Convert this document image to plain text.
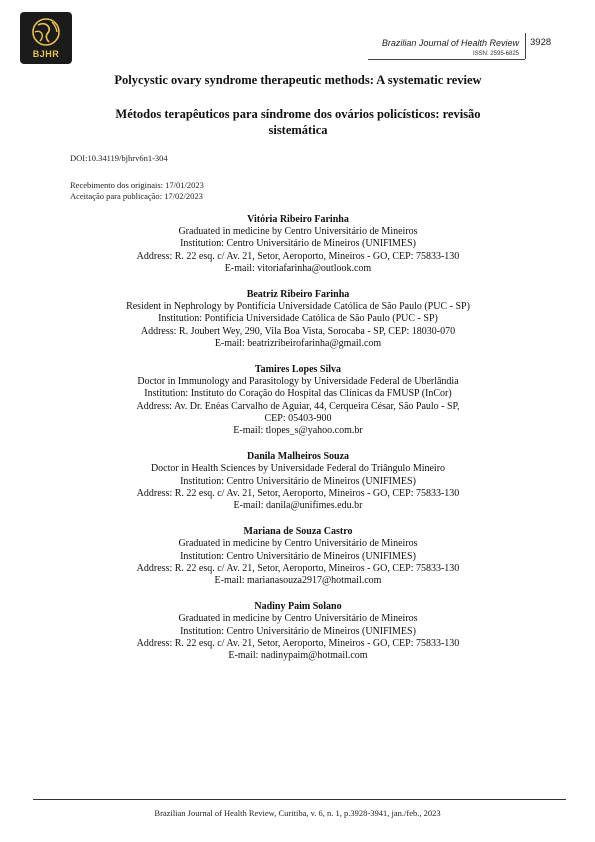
BJHR
Brazilian Journal of Health Review
ISSN: 2595-6825
3928
Polycystic ovary syndrome therapeutic methods: A systematic review
Métodos terapêuticos para síndrome dos ovários policísticos: revisão
sistemática
DOI:10.34119/bjhrv6n1-304
Recebimento dos originais: 17/01/2023
Aceitação para publicação: 17/02/2023
Vitória Ribeiro Farinha
Graduated in medicine by Centro Universitário de Mineiros
Institution: Centro Universitário de Mineiros (UNIFIMES)
Address: R. 22 esq. c/ Av. 21, Setor, Aeroporto, Mineiros - GO, CEP: 75833-130
E-mail: vitoriafarinha@outlook.com
Beatriz Ribeiro Farinha
Resident in Nephrology by Pontifícia Universidade Católica de São Paulo (PUC - SP)
Institution: Pontifícia Universidade Católica de São Paulo (PUC - SP)
Address: R. Joubert Wey, 290, Vila Boa Vista, Sorocaba - SP, CEP: 18030-070
E-mail: beatrizribeirofarinha@gmail.com
Tamires Lopes Silva
Doctor in Immunology and Parasitology by Universidade Federal de Uberlândia
Institution: Instituto do Coração do Hospital das Clínicas da FMUSP (InCor)
Address: Av. Dr. Enéas Carvalho de Aguiar, 44, Cerqueira César, São Paulo - SP,
CEP: 05403-900
E-mail: tlopes_s@yahoo.com.br
Danila Malheiros Souza
Doctor in Health Sciences by Universidade Federal do Triângulo Mineiro
Institution: Centro Universitário de Mineiros (UNIFIMES)
Address: R. 22 esq. c/ Av. 21, Setor, Aeroporto, Mineiros - GO, CEP: 75833-130
E-mail: danila@unifimes.edu.br
Mariana de Souza Castro
Graduated in medicine by Centro Universitário de Mineiros
Institution: Centro Universitário de Mineiros (UNIFIMES)
Address: R. 22 esq. c/ Av. 21, Setor, Aeroporto, Mineiros - GO, CEP: 75833-130
E-mail: marianasouza2917@hotmail.com
Nadiny Paim Solano
Graduated in medicine by Centro Universitário de Mineiros
Institution: Centro Universitário de Mineiros (UNIFIMES)
Address: R. 22 esq. c/ Av. 21, Setor, Aeroporto, Mineiros - GO, CEP: 75833-130
E-mail: nadinypaim@hotmail.com
Brazilian Journal of Health Review, Curitiba, v. 6, n. 1, p.3928-3941, jan./feb., 2023
